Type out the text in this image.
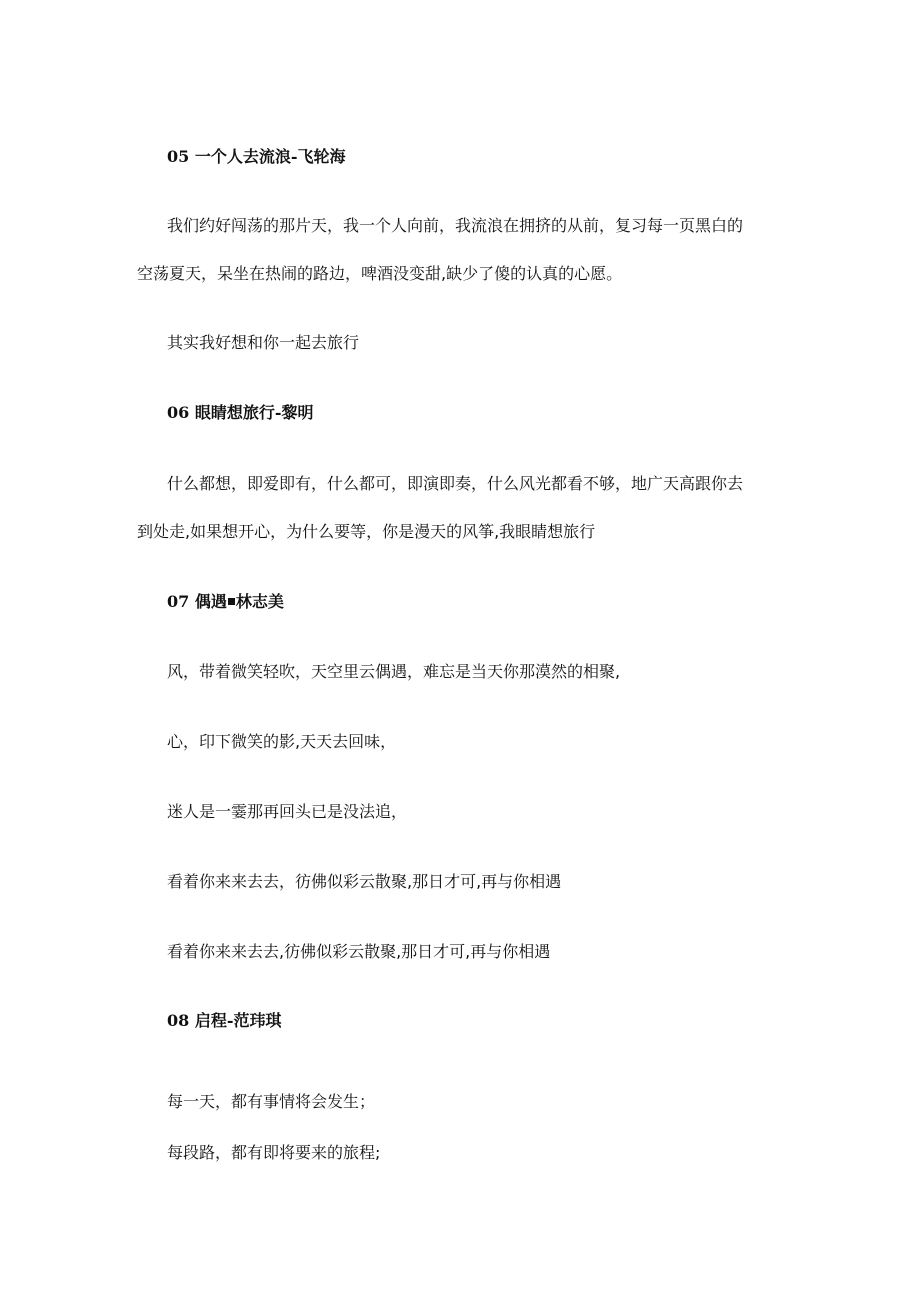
05 一个人去流浪-飞轮海
我们约好闯荡的那片天，我一个人向前，我流浪在拥挤的从前，复习每一页黑白的
空荡夏天，呆坐在热闹的路边，啤酒没变甜,缺少了傻的认真的心愿。
其实我好想和你一起去旅行
06 眼睛想旅行-黎明
什么都想，即爱即有，什么都可，即演即奏，什么风光都看不够，地广天高跟你去
到处走,如果想开心，为什么要等，你是漫天的风筝,我眼睛想旅行
07 偶遇 林志美
风，带着微笑轻吹，天空里云偶遇，难忘是当天你那漠然的相聚,
心，印下微笑的影,天天去回味，
迷人是一霎那再回头已是没法追，
看着你来来去去，彷佛似彩云散聚,那日才可,再与你相遇
看着你来来去去,彷佛似彩云散聚,那日才可,再与你相遇
08 启程-范玮琪
每一天，都有事情将会发生；
每段路，都有即将要来的旅程;
